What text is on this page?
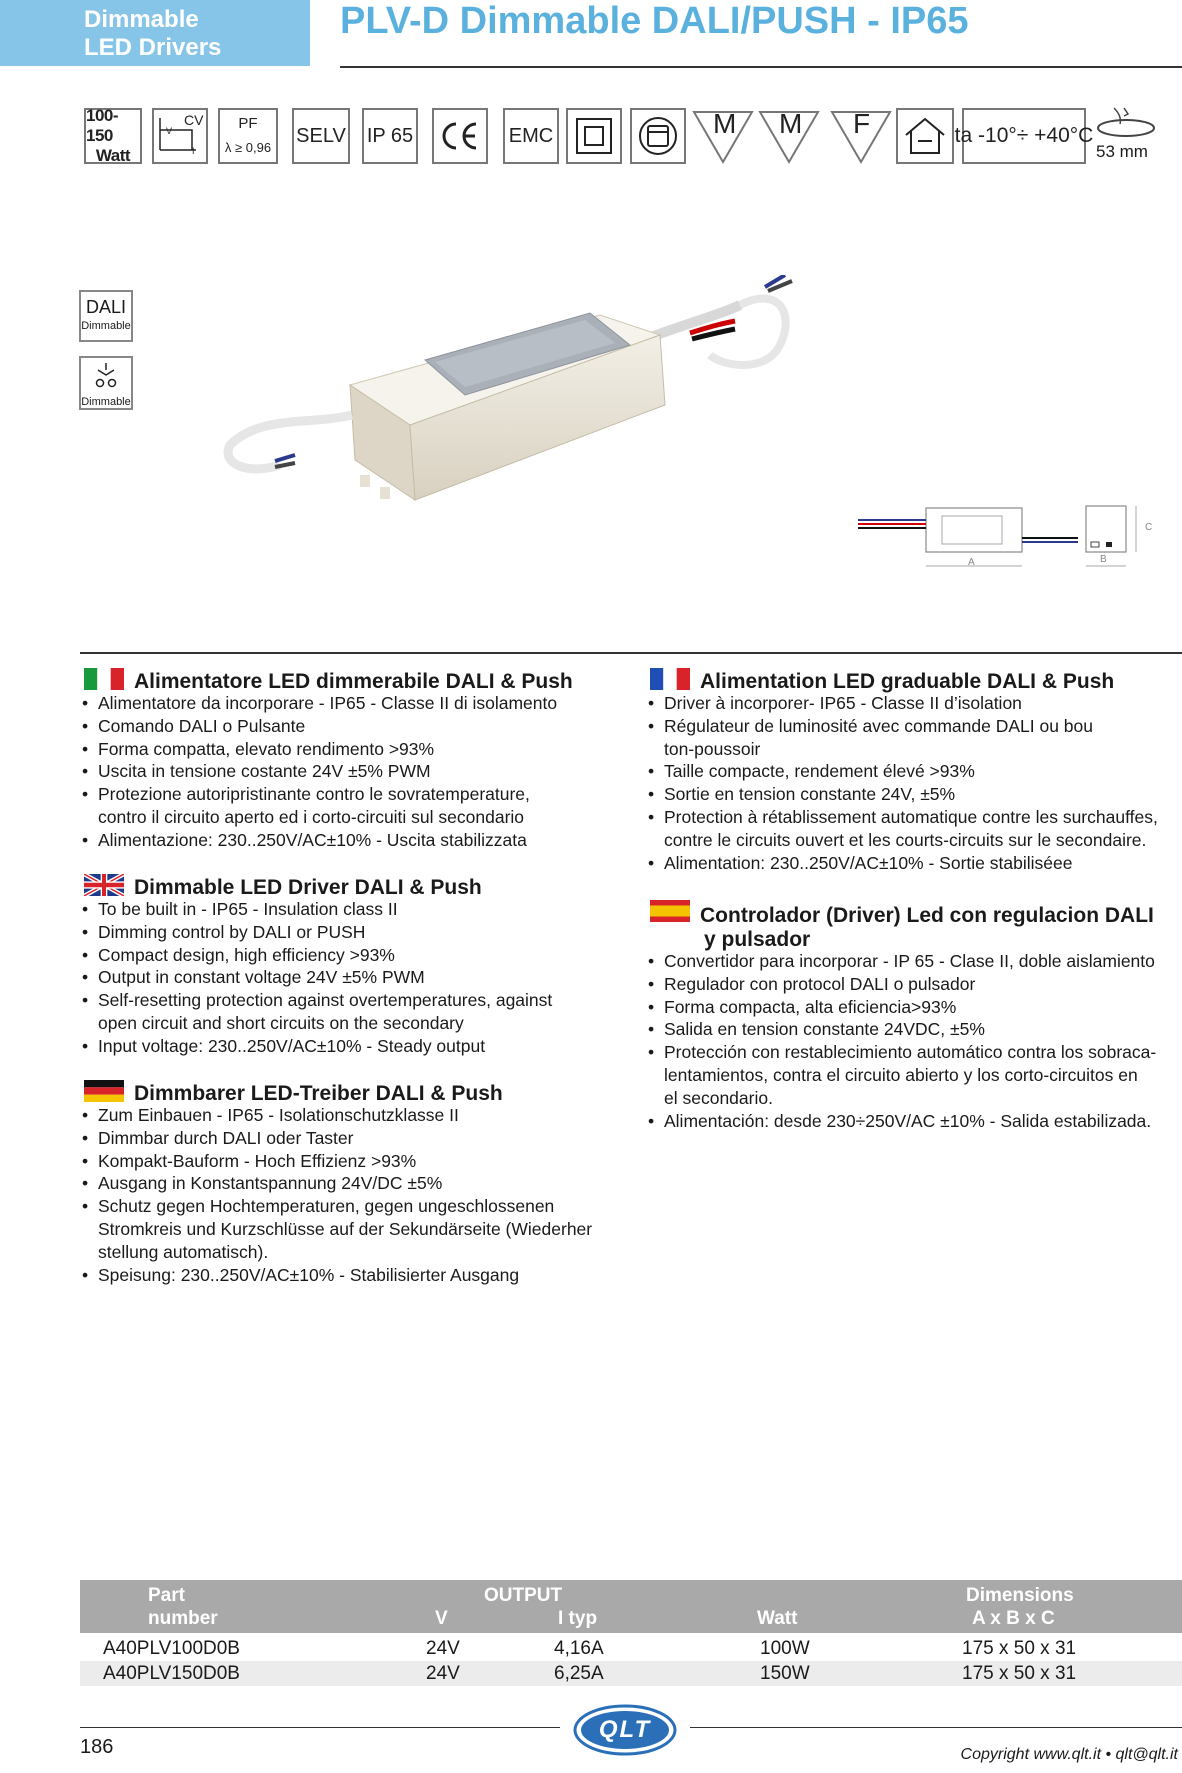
Dimmable
LED Drivers
PLV-D Dimmable DALI/PUSH - IP65
100-150
Watt
CV
V
I
PF
λ ≥ 0,96
SELV IP 65	EMC	M M F	ta -10°÷ +40°C
53 mm
DALI
Dimmable
Dimmable
A	B
C
Alimentatore LED dimmerabile DALI & Push
• Alimentatore da incorporare - IP65 - Classe II di isolamento
• Comando DALI o Pulsante
• Forma compatta, elevato rendimento >93%
• Uscita in tensione costante 24V ±5% PWM
• Protezione autoripristinante contro le sovratemperature,
contro il circuito aperto ed i corto-circuiti sul secondario
• Alimentazione: 230..250V/AC±10% - Uscita stabilizzata
Dimmable LED Driver DALI & Push
• To be built in - IP65 - Insulation class II
• Dimming control by DALI or PUSH
• Compact design, high efficiency >93%
• Output in constant voltage 24V ±5% PWM
• Self-resetting protection against overtemperatures, against
open circuit and short circuits on the secondary
• Input voltage: 230..250V/AC±10% - Steady output
Dimmbarer LED-Treiber DALI & Push
• Zum Einbauen - IP65 - Isolationschutzklasse II
• Dimmbar durch DALI oder Taster
• Kompakt-Bauform - Hoch Effizienz >93%
• Ausgang in Konstantspannung 24V/DC ±5%
• Schutz gegen Hochtemperaturen, gegen ungeschlossenen
Stromkreis und Kurzschlüsse auf der Sekundärseite (Wiederher
stellung automatisch).
• Speisung: 230..250V/AC±10% - Stabilisierter Ausgang
Alimentation LED graduable DALI & Push
• Driver à incorporer- IP65 - Classe II d’isolation
• Régulateur de luminosité avec commande DALI ou bou
ton-poussoir
• Taille compacte, rendement élevé >93%
• Sortie en tension constante 24V, ±5%
• Protection à rétablissement automatique contre les surchauffes,
contre le circuits ouvert et les courts-circuits sur le secondaire.
• Alimentation: 230..250V/AC±10% - Sortie stabiliséee
Controlador (Driver) Led con regulacion DALI
y pulsador
• Convertidor para incorporar - IP 65 - Clase II, doble aislamiento
• Regulador con protocol DALI o pulsador
• Forma compacta, alta eficiencia>93%
• Salida en tension constante 24VDC, ±5%
• Protección con restablecimiento automático contra los sobraca-
lentamientos, contra el circuito abierto y los corto-circuitos en
el secondario.
• Alimentación: desde 230÷250V/AC ±10% - Salida estabilizada.
Part
number
OUTPUT
V	I typ	Watt
Dimensions
A x B x C
A40PLV100D0B	24V	4,16A	100W	175 x 50 x 31
A40PLV150D0B	24V	6,25A	150W	175 x 50 x 31
186
QLT
Copyright www.qlt.it • qlt@qlt.it
